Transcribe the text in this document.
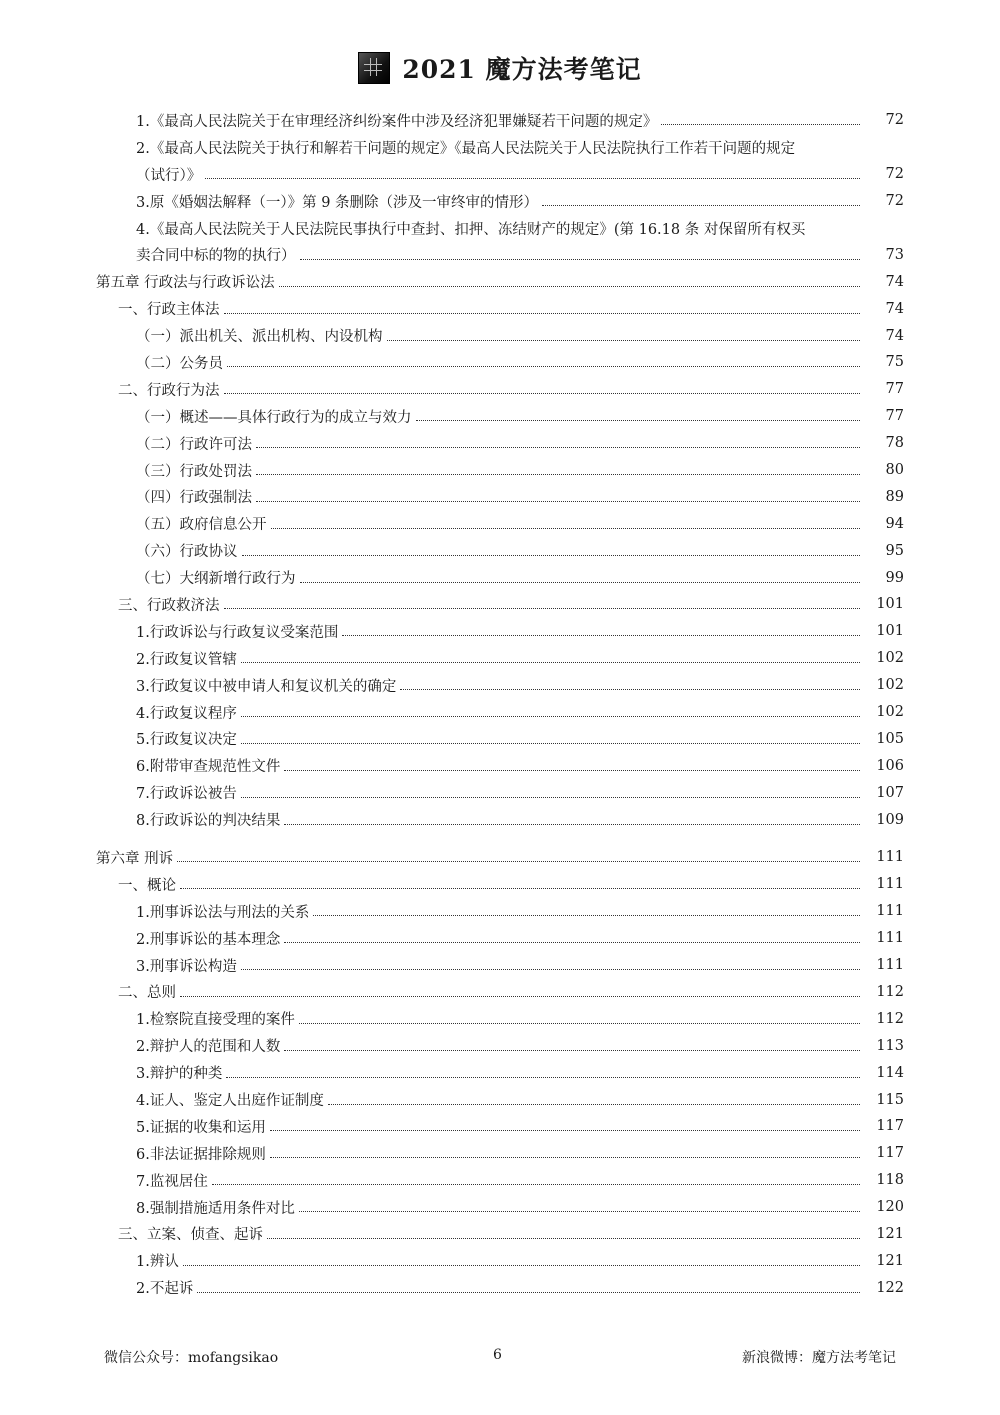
2021 魔方法考笔记
1.《最高人民法院关于在审理经济纠纷案件中涉及经济犯罪嫌疑若干问题的规定》	72
2.《最高人民法院关于执行和解若干问题的规定》《最高人民法院关于人民法院执行工作若干问题的规定
（试行）》	72
3.原《婚姻法解释（一）》第 9 条删除（涉及一审终审的情形）	72
4.《最高人民法院关于人民法院民事执行中查封、扣押、冻结财产的规定》(第 16.18 条 对保留所有权买
卖合同中标的物的执行）	73
第五章 行政法与行政诉讼法	74
一、行政主体法	74
（一）派出机关、派出机构、内设机构	74
（二）公务员	75
二、行政行为法	77
（一）概述——具体行政行为的成立与效力	77
（二）行政许可法	78
（三）行政处罚法	80
（四）行政强制法	89
（五）政府信息公开	94
（六）行政协议	95
（七）大纲新增行政行为	99
三、行政救济法	101
1.行政诉讼与行政复议受案范围	101
2.行政复议管辖	102
3.行政复议中被申请人和复议机关的确定	102
4.行政复议程序	102
5.行政复议决定	105
6.附带审查规范性文件	106
7.行政诉讼被告	107
8.行政诉讼的判决结果	109
第六章 刑诉	111
一、概论	111
1.刑事诉讼法与刑法的关系	111
2.刑事诉讼的基本理念	111
3.刑事诉讼构造	111
二、总则	112
1.检察院直接受理的案件	112
2.辩护人的范围和人数	113
3.辩护的种类	114
4.证人、鉴定人出庭作证制度	115
5.证据的收集和运用	117
6.非法证据排除规则	117
7.监视居住	118
8.强制措施适用条件对比	120
三、立案、侦查、起诉	121
1.辨认	121
2.不起诉	122
微信公众号：mofangsikao	6	新浪微博：魔方法考笔记
